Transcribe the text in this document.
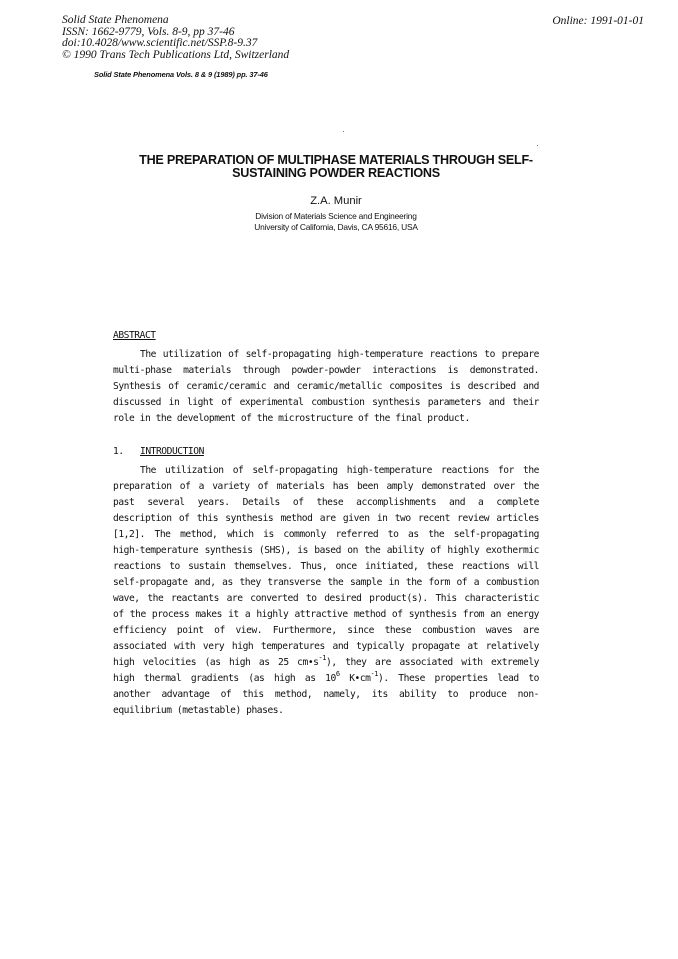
Solid State Phenomena
ISSN: 1662-9779, Vols. 8-9, pp 37-46
doi:10.4028/www.scientific.net/SSP.8-9.37
© 1990 Trans Tech Publications Ltd, Switzerland
Online: 1991-01-01
Solid State Phenomena Vols. 8 & 9 (1989) pp. 37-46
THE PREPARATION OF MULTIPHASE MATERIALS THROUGH SELF-
SUSTAINING POWDER REACTIONS
Z.A. Munir
Division of Materials Science and Engineering
University of California, Davis, CA 95616, USA
ABSTRACT
The utilization of self-propagating high-temperature reactions to prepare
multi-phase materials through powder-powder interactions is demonstrated.
Synthesis of ceramic/ceramic and ceramic/metallic composites is described and
discussed in light of experimental combustion synthesis parameters and their
role in the development of the microstructure of the final product.
1. INTRODUCTION
The utilization of self-propagating high-temperature reactions for the
preparation of a variety of materials has been amply demonstrated over the
past several years. Details of these accomplishments and a complete
description of this synthesis method are given in two recent review articles
[1,2]. The method, which is commonly referred to as the self-propagating
high-temperature synthesis (SHS), is based on the ability of highly exothermic
reactions to sustain themselves. Thus, once initiated, these reactions will
self-propagate and, as they transverse the sample in the form of a combustion
wave, the reactants are converted to desired product(s). This characteristic
of the process makes it a highly attractive method of synthesis from an energy
efficiency point of view. Furthermore, since these combustion waves are
associated with very high temperatures and typically propagate at relatively
high velocities (as high as 25 $cm•s^{-1}$), they are associated with extremely
high thermal gradients (as high as $10^6$ $K•cm^{-1}$). These properties lead to
another advantage of this method, namely, its ability to produce non-
equilibrium (metastable) phases.
